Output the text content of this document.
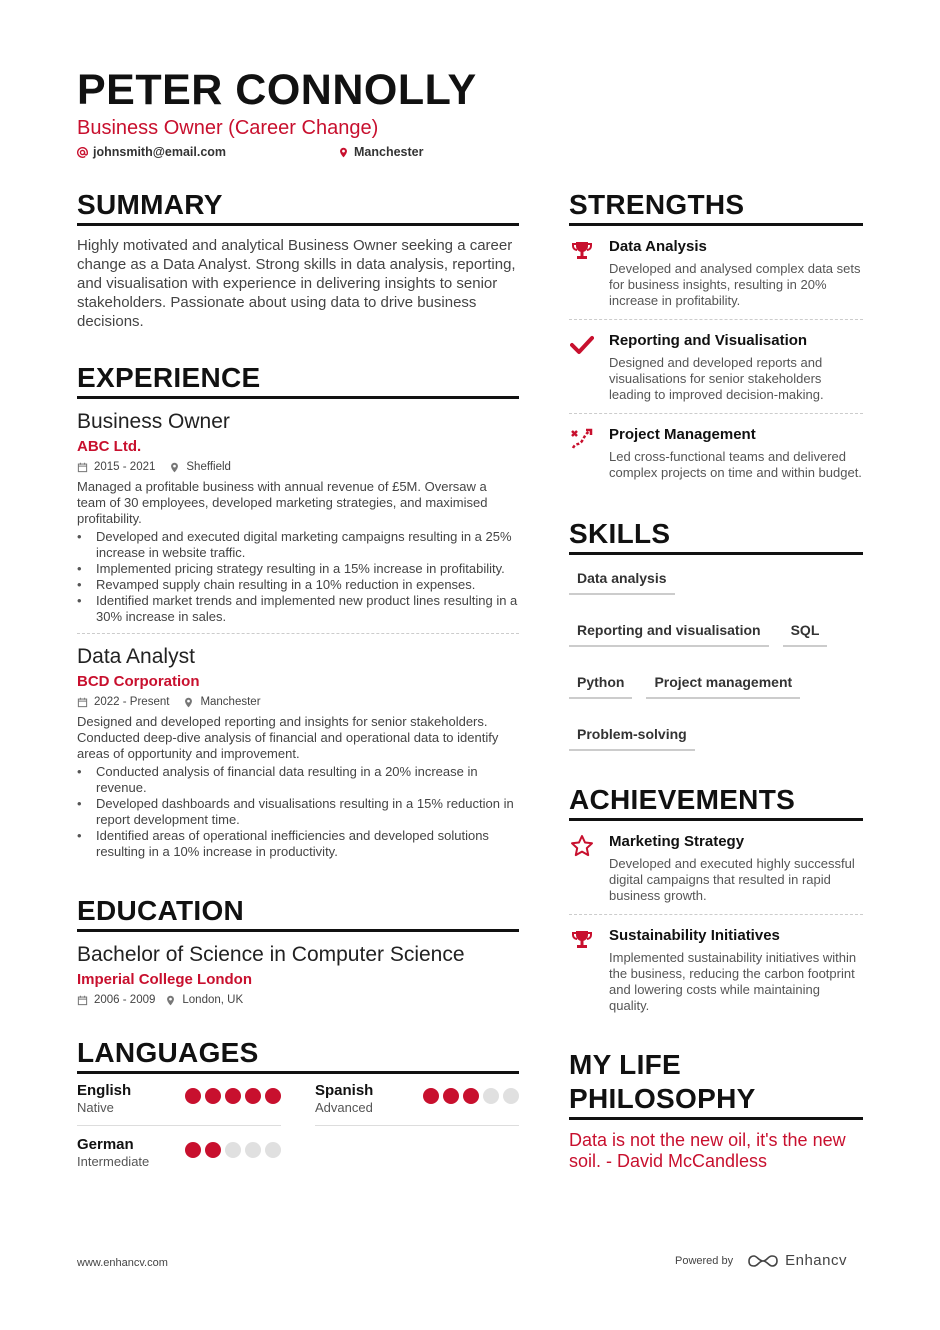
PETER CONNOLLY
Business Owner (Career Change)
johnsmith@email.com	Manchester
SUMMARY
Highly motivated and analytical Business Owner seeking a career change as a Data Analyst. Strong skills in data analysis, reporting, and visualisation with experience in delivering insights to senior stakeholders. Passionate about using data to drive business decisions.
EXPERIENCE
Business Owner
ABC Ltd.
2015 - 2021	Sheffield
Managed a profitable business with annual revenue of £5M. Oversaw a team of 30 employees, developed marketing strategies, and maximised profitability.
• Developed and executed digital marketing campaigns resulting in a 25% increase in website traffic.
• Implemented pricing strategy resulting in a 15% increase in profitability.
• Revamped supply chain resulting in a 10% reduction in expenses.
• Identified market trends and implemented new product lines resulting in a 30% increase in sales.
Data Analyst
BCD Corporation
2022 - Present	Manchester
Designed and developed reporting and insights for senior stakeholders. Conducted deep-dive analysis of financial and operational data to identify areas of opportunity and improvement.
• Conducted analysis of financial data resulting in a 20% increase in revenue.
• Developed dashboards and visualisations resulting in a 15% reduction in report development time.
• Identified areas of operational inefficiencies and developed solutions resulting in a 10% increase in productivity.
EDUCATION
Bachelor of Science in Computer Science
Imperial College London
2006 - 2009 London, UK
LANGUAGES
English
Native
Spanish
Advanced
German
Intermediate
STRENGTHS
Data Analysis
Developed and analysed complex data sets for business insights, resulting in 20% increase in profitability.
Reporting and Visualisation
Designed and developed reports and visualisations for senior stakeholders leading to improved decision-making.
Project Management
Led cross-functional teams and delivered complex projects on time and within budget.
SKILLS
Data analysis
Reporting and visualisation	SQL
Python	Project management
Problem-solving
ACHIEVEMENTS
Marketing Strategy
Developed and executed highly successful digital campaigns that resulted in rapid business growth.
Sustainability Initiatives
Implemented sustainability initiatives within the business, reducing the carbon footprint and lowering costs while maintaining quality.
MY LIFE PHILOSOPHY
Data is not the new oil, it's the new soil. - David McCandless
www.enhancv.com	Powered by	Enhancv
